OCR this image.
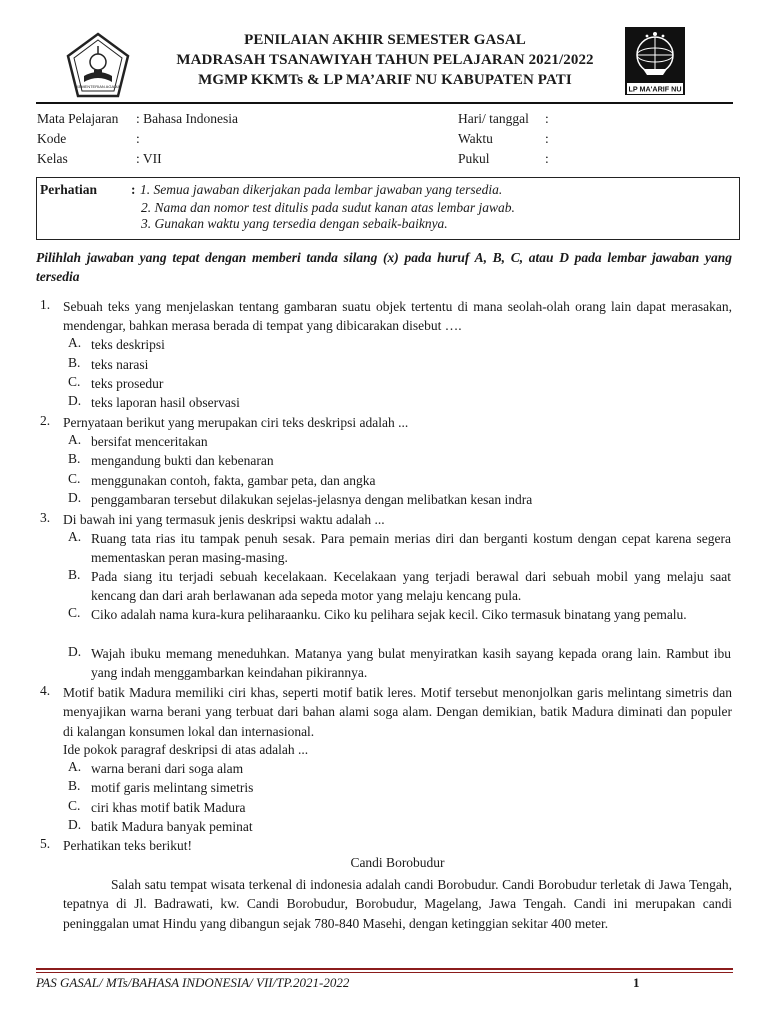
KEMENTERIAN AGAMA	LP MA'ARIF NU
PENILAIAN AKHIR SEMESTER GASAL
MADRASAH TSANAWIYAH TAHUN PELAJARAN 2021/2022
MGMP KKMTs & LP MA’ARIF NU KABUPATEN PATI
Mata Pelajaran : Bahasa Indonesia
Kode	:
Kelas	: VII
Hari/ tanggal :
Waktu	:
Pukul	:
Perhatian	: 1. Semua jawaban dikerjakan pada lembar jawaban yang tersedia.
2. Nama dan nomor test ditulis pada sudut kanan atas lembar jawab.
3. Gunakan waktu yang tersedia dengan sebaik-baiknya.
Pilihlah jawaban yang tepat dengan memberi tanda silang (x) pada huruf A, B, C, atau D pada lembar jawaban yang tersedia
1. Sebuah teks yang menjelaskan tentang gambaran suatu objek tertentu di mana seolah-olah orang lain dapat merasakan, mendengar, bahkan merasa berada di tempat yang dibicarakan disebut ….
A. teks deskripsi
B. teks narasi
C. teks prosedur
D. teks laporan hasil observasi
2. Pernyataan berikut yang merupakan ciri teks deskripsi adalah ...
A. bersifat menceritakan
B. mengandung bukti dan kebenaran
C. menggunakan contoh, fakta, gambar peta, dan angka
D. penggambaran tersebut dilakukan sejelas-jelasnya dengan melibatkan kesan indra
3. Di bawah ini yang termasuk jenis deskripsi waktu adalah ...
A. Ruang tata rias itu tampak penuh sesak. Para pemain merias diri dan berganti kostum dengan cepat karena segera mementaskan peran masing-masing.
B. Pada siang itu terjadi sebuah kecelakaan. Kecelakaan yang terjadi berawal dari sebuah mobil yang melaju saat kencang dan dari arah berlawanan ada sepeda motor yang melaju kencang pula.
C. Ciko adalah nama kura-kura peliharaanku. Ciko ku pelihara sejak kecil. Ciko termasuk binatang yang pemalu.
D. Wajah ibuku memang meneduhkan. Matanya yang bulat menyiratkan kasih sayang kepada orang lain. Rambut ibu yang indah menggambarkan keindahan pikirannya.
4. Motif batik Madura memiliki ciri khas, seperti motif batik leres. Motif tersebut menonjolkan garis melintang simetris dan menyajikan warna berani yang terbuat dari bahan alami soga alam. Dengan demikian, batik Madura diminati dan populer di kalangan konsumen lokal dan internasional.
Ide pokok paragraf deskripsi di atas adalah ...
A. warna berani dari soga alam
B. motif garis melintang simetris
C. ciri khas motif batik Madura
D. batik Madura banyak peminat
5. Perhatikan teks berikut!
Candi Borobudur
Salah satu tempat wisata terkenal di indonesia adalah candi Borobudur. Candi Borobudur terletak di Jawa Tengah, tepatnya di Jl. Badrawati, kw. Candi Borobudur, Borobudur, Magelang, Jawa Tengah. Candi ini merupakan candi peninggalan umat Hindu yang dibangun sejak 780-840 Masehi, dengan ketinggian sekitar 400 meter.
PAS GASAL/ MTs/BAHASA INDONESIA/ VII/TP.2021-2022	1
